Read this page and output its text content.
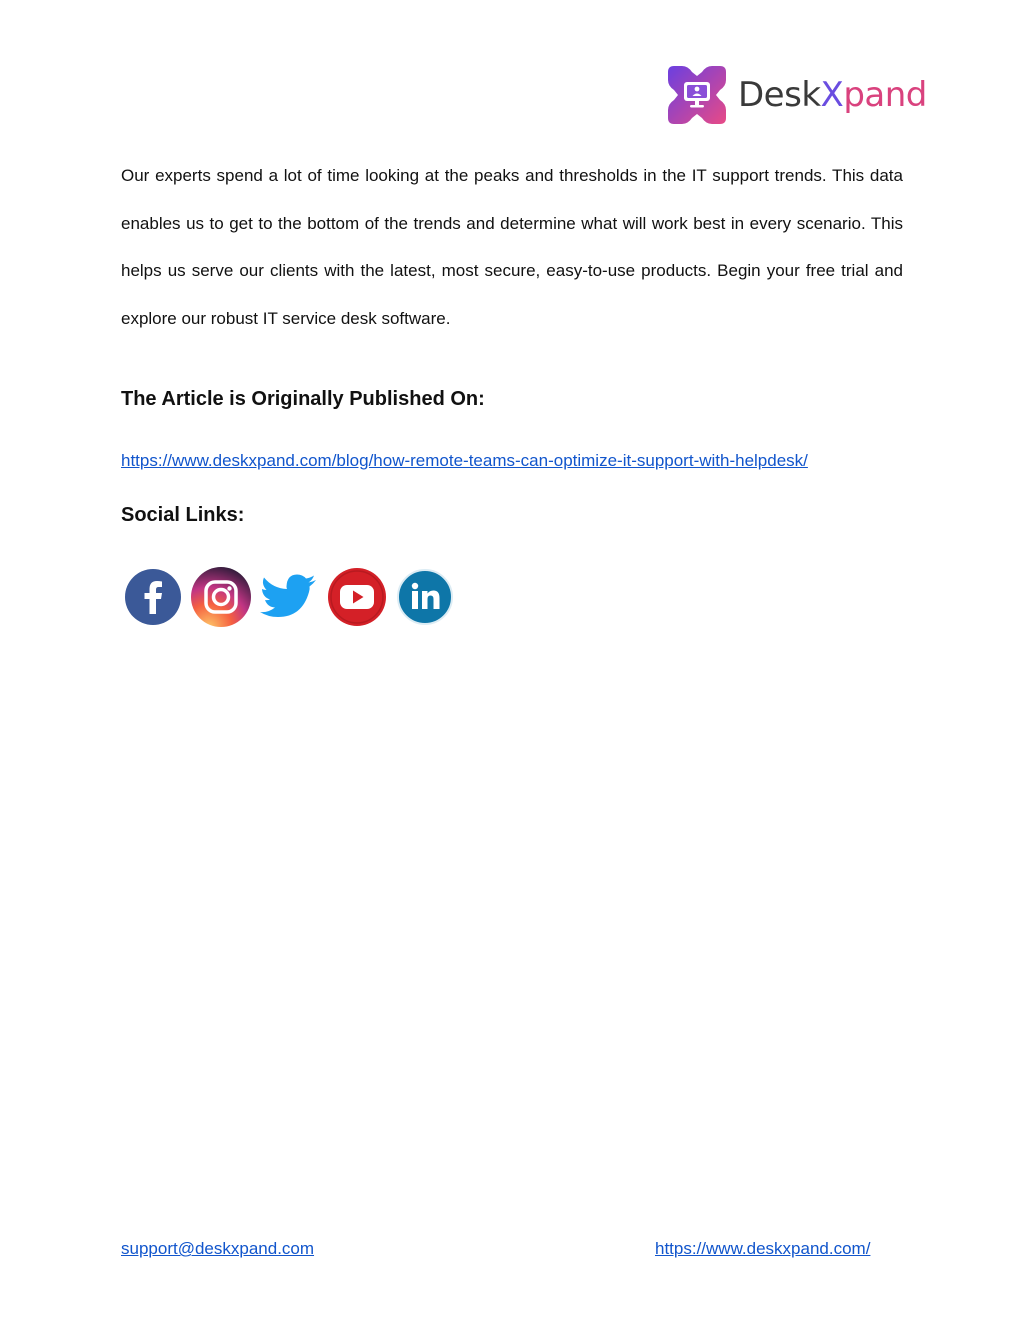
DeskXpand

Our experts spend a lot of time looking at the peaks and thresholds in the IT support trends. This data enables us to get to the bottom of the trends and determine what will work best in every scenario. This helps us serve our clients with the latest, most secure, easy-to-use products. Begin your free trial and explore our robust IT service desk software.

The Article is Originally Published On:
https://www.deskxpand.com/blog/how-remote-teams-can-optimize-it-support-with-helpdesk/
Social Links:
support@deskxpand.com	https://www.deskxpand.com/
